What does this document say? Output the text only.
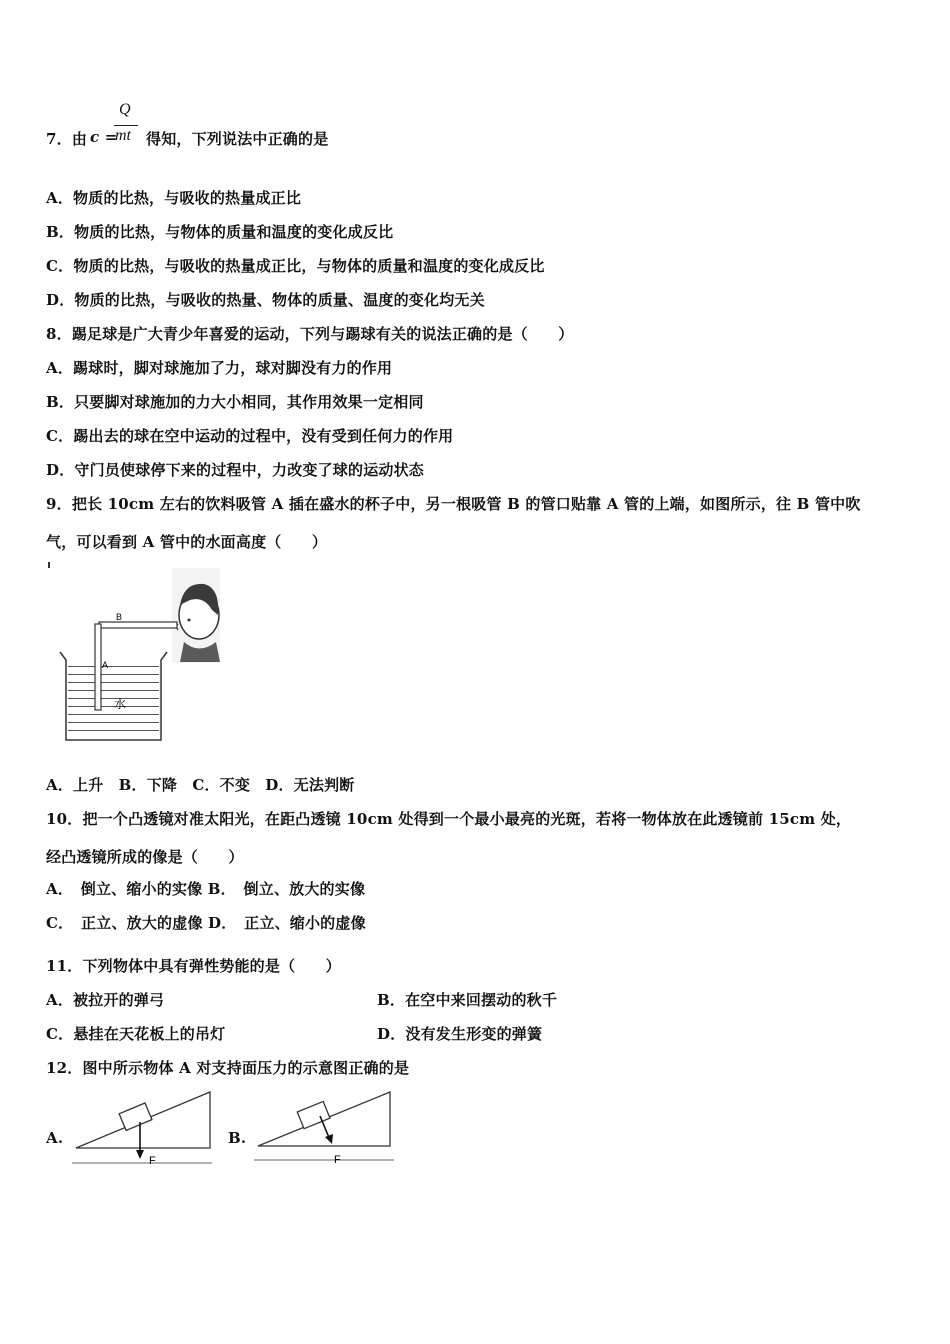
Q
7．由 c =
mt 得知，下列说法中正确的是
A．物质的比热，与吸收的热量成正比
B．物质的比热，与物体的质量和温度的变化成反比
C．物质的比热，与吸收的热量成正比，与物体的质量和温度的变化成反比
D．物质的比热，与吸收的热量、物体的质量、温度的变化均无关
8．踢足球是广大青少年喜爱的运动，下列与踢球有关的说法正确的是（　　）
A．踢球时，脚对球施加了力，球对脚没有力的作用
B．只要脚对球施加的力大小相同，其作用效果一定相同
C．踢出去的球在空中运动的过程中，没有受到任何力的作用
D．守门员使球停下来的过程中，力改变了球的运动状态
9．把长 10cm 左右的饮料吸管 A 插在盛水的杯子中，另一根吸管 B 的管口贴靠 A 管的上端，如图所示，往 B 管中吹
气，可以看到 A 管中的水面高度（　　）
B
A
水
A．上升　B．下降　C．不变　D．无法判断
10．把一个凸透镜对准太阳光，在距凸透镜 10cm 处得到一个最小最亮的光斑，若将一物体放在此透镜前 15cm 处，
经凸透镜所成的像是（　　）
A．　倒立、缩小的实像 B．　倒立、放大的实像
C．　正立、放大的虚像 D．　正立、缩小的虚像
11．下列物体中具有弹性势能的是（　　）
A．被拉开的弹弓	B．在空中来回摆动的秋千
C．悬挂在天花板上的吊灯	D．没有发生形变的弹簧
12．图中所示物体 A 对支持面压力的示意图正确的是
A.
F
B.
F
